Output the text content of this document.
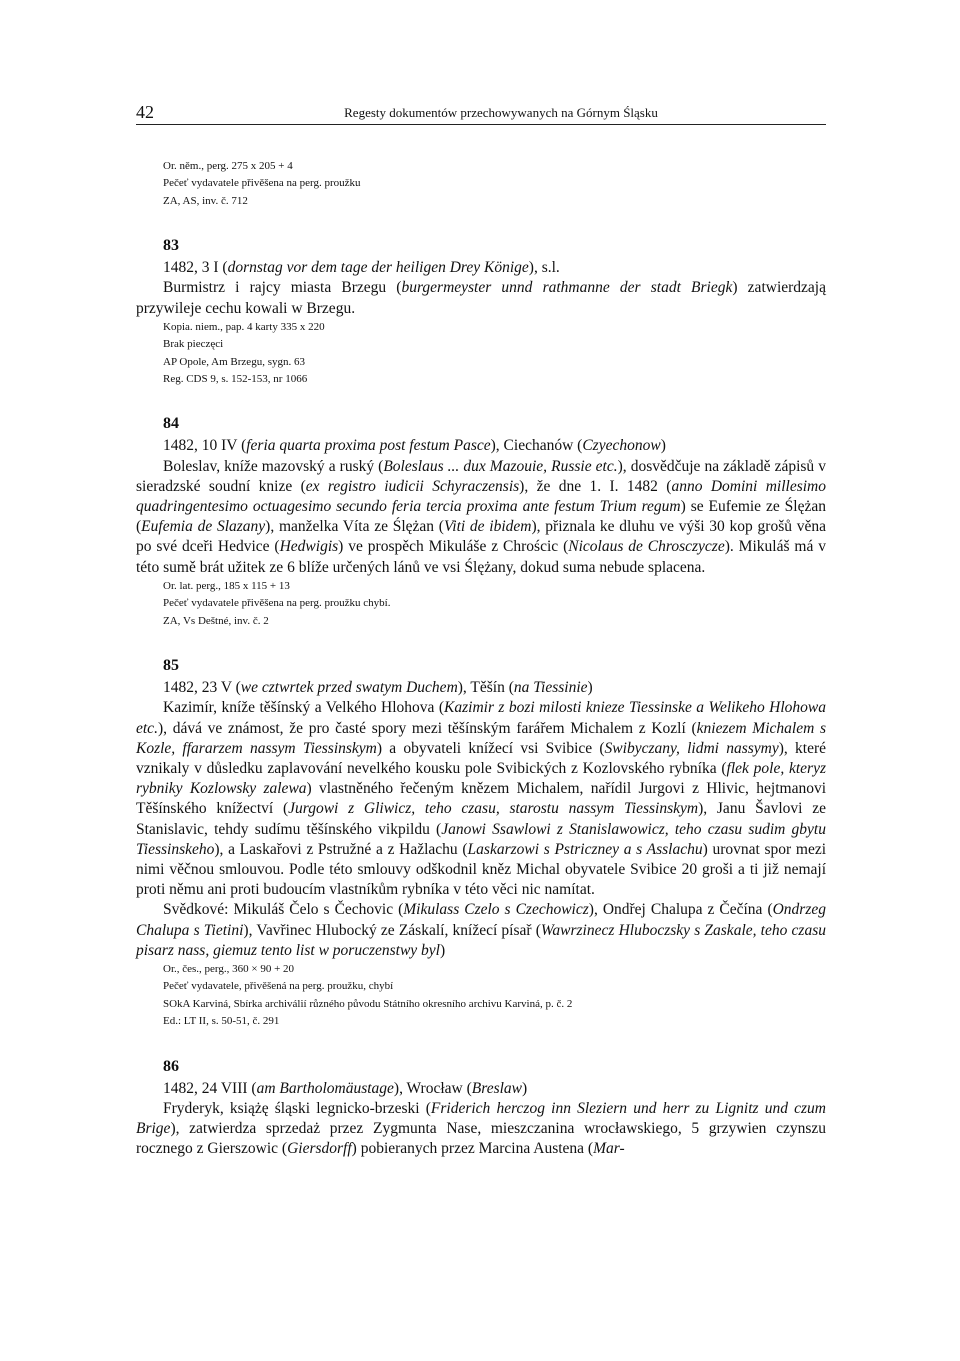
42	Regesty dokumentów przechowywanych na Górnym Śląsku
Or. něm., perg. 275 x 205 + 4
Pečeť vydavatele přivěšena na perg. proužku
ZA, AS, inv. č. 712
83
1482, 3 I (dornstag vor dem tage der heiligen Drey Könige), s.l.

Burmistrz i rajcy miasta Brzegu (burgermeyster unnd rathmanne der stadt Briegk) zatwierdzają przywileje cechu kowali w Brzegu.

Kopia. niem., pap. 4 karty 335 x 220
Brak pieczęci
AP Opole, Am Brzegu, sygn. 63
Reg. CDS 9, s. 152-153, nr 1066
84
1482, 10 IV (feria quarta proxima post festum Pasce), Ciechanów (Czyechonow)

Boleslav, kníže mazovský a ruský (Boleslaus ... dux Mazouie, Russie etc.), dosvědčuje na základě zápisů v sieradzské soudní knize (ex registro iudicii Schyraczensis), že dne 1. I. 1482 (anno Domini millesimo quadringentesimo octuagesimo secundo feria tercia proxima ante festum Trium regum) se Eufemie ze Ślężan (Eufemia de Slazany), manželka Víta ze Ślężan (Viti de ibidem), přiznala ke dluhu ve výši 30 kop grošů věna po své dceři Hedvice (Hedwigis) ve prospěch Mikuláše z Chrościc (Nicolaus de Chrosczycze). Mikuláš má v této sumě brát užitek ze 6 blíže určených lánů ve vsi Ślężany, dokud suma nebude splacena.

Or. lat. perg., 185 x 115 + 13
Pečeť vydavatele přivěšena na perg. proužku chybí.
ZA, Vs Deštné, inv. č. 2
85
1482, 23 V (we cztwrtek przed swatym Duchem), Těšín (na Tiessinie)

Kazimír, kníže těšínský a Velkého Hlohova (Kazimir z bozi milosti knieze Tiessinske a Welikeho Hlohowa etc.), dává ve známost, že pro časté spory mezi těšínským farářem Michalem z Kozlí (kniezem Michalem s Kozle, ffararzem nassym Tiessinskym) a obyvateli knížecí vsi Svibice (Swibyczany, lidmi nassymy), které vznikaly v důsledku zaplavování nevelkého kousku pole Svibických z Kozlovského rybníka (flek pole, kteryz rybniky Kozlowsky zalewa) vlastněného řečeným knězem Michalem, nařídil Jurgovi z Hlivic, hejtmanovi Těšínského knížectví (Jurgowi z Gliwicz, teho czasu, starostu nassym Tiessinskym), Janu Šavlovi ze Stanislavic, tehdy sudímu těšínského vikpildu (Janowi Ssawlowi z Stanislawowicz, teho czasu sudim gbytu Tiessinskeho), a Laskařovi z Pstružné a z Hažlachu (Laskarzowi s Pstriczney a s Asslachu) urovnat spor mezi nimi věčnou smlouvou. Podle této smlouvy odškodnil kněz Michal obyvatele Svibice 20 groši a ti již nemají proti němu ani proti budoucím vlastníkům rybníka v této věci nic namítat.

Svědkové: Mikuláš Čelo s Čechovic (Mikulass Czelo s Czechowicz), Ondřej Chalupa z Čečína (Ondrzeg Chalupa s Tietini), Vavřinec Hlubocký ze Záskalí, knížecí písař (Wawrzinecz Hluboczsky s Zaskale, teho czasu pisarz nass, giemuz tento list w poruczenstwy byl)

Or., čes., perg., 360 × 90 + 20
Pečeť vydavatele, přivěšená na perg. proužku, chybí
SOkA Karviná, Sbírka archiválií různého původu Státního okresního archivu Karviná, p. č. 2
Ed.: LT II, s. 50-51, č. 291
86
1482, 24 VIII (am Bartholomäustage), Wrocław (Breslaw)

Fryderyk, książę śląski legnicko-brzeski (Friderich herczog inn Sleziern und herr zu Lignitz und czum Brige), zatwierdza sprzedaż przez Zygmunta Nase, mieszczanina wrocławskiego, 5 grzywien czynszu rocznego z Gierszowic (Giersdorff) pobieranych przez Marcina Austena (Mar-
